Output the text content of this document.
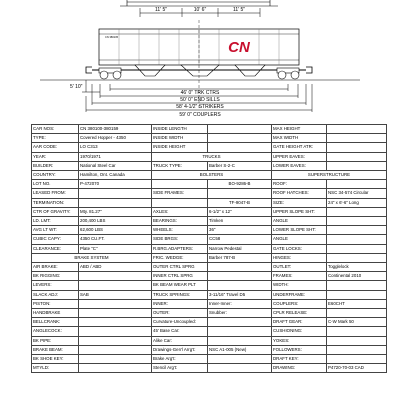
11' 5"	10' 6"	11' 5"
CN
CN 380105
5' 10"
46' 0" TRK CTRS
50' 0" END SILLS
58' 4-1/2" STRIKERS
59' 0" COUPLERS
CAR NOS:	CN 380100-380159	INSIDE LENGTH		MAX HEIGHT	
TYPE:	Covered Hopper - 4350	INSIDE WIDTH		MAX WIDTH	
AAR CODE:	LO C313	INSIDE HEIGHT		GATE HEIGHT ATR:	
YEAR:	1970/1971	TRUCKS		UPPER EAVES:	
BUILDER:	National Steel Car	TRUCK TYPE:	Barber S-2-C	LOWER EAVES:	
COUNTRY:	Hamilton, Ont. Canada	BOLSTERS		SUPERSTRUCTURE	
LOT NO.	P-472070		BO-9286-B	ROOF:	
LEASED FROM:		SIDE FRAMES:		ROOF HATCHES:	NSC 34-574 Circular
TERMINATION:			TF-9047-B	SIZE:	24" x 6'-6" Long
CTR OF GRAVITY:	Mty. 81.27"	AXLES:	6-1/2" x 12"	UPPER SLOPE SHT:	
LD. LMT:	200,400 LBS	BEARINGS:	Timken	ANGLE	
AVG LT WT:	62,600 LBS	WHEELS:	36"	LOWER SLOPE SHT:	
CUBIC CAPY:	4350 CU.FT.	SIDE BRGS:	CC58	ANGLE	
CLEARANCE:	Plate "C"	R.BRG.ADAPTERS:	Narrow Pedestal	GATE LOCKS:	
BRAKE SYSTEM		FRIC. WEDGE:	Barber 787-B	HINGES:	
AIR BRAKE:	ABD / ABD	OUTER CTRL SPRG		OUTLET:	Togglelock
BK RIGGING:		INNER CTRL SPRG		FRAMES:	Continental 2010
LEVERS:		BK BEAM WEAR PLT		WIDTH:	
SLACK ADJ:	SAB	TRUCK SPRINGS:	3-11/16" Travel D5	UNDERFRAME:	
PISTON:		INNER:	Inner-Inner:	COUPLERS:	E60CHT
HANDBRAKE		OUTER:	Snubber:	CPLR RELEASE:	
BELLCRANK:		Curvature-Uncoupled:		DRAFT GEAR:	C-W Mark 50
ANGLECOCK:		45' Base Car:		CUSHIONING:	
BK PIPE:		Alike Car:		YOKES:	
BRAKE BEAM:		Drawings-Gen'l Arrg't:	NSC A1-005 (New)	FOLLOWERS:	
BK SHOE KEY:		Brake Arg't:		DRAFT KEY:	
MTYLD:		Stencil Arg't:		DRAWING:	P4720-70-03 CAD
